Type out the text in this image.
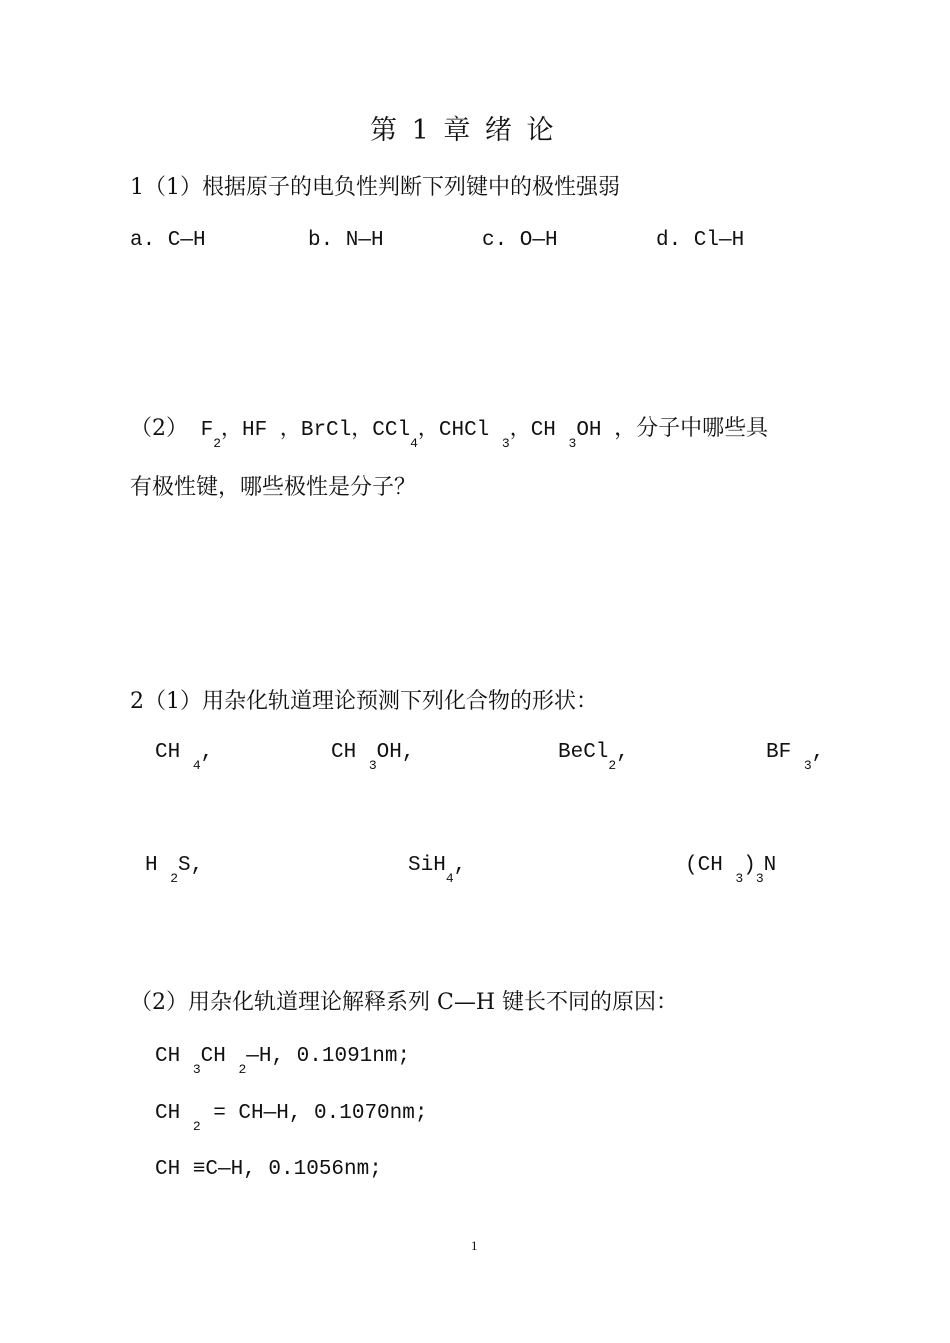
第 1 章 绪 论
1（1）根据原子的电负性判断下列键中的极性强弱
a. C—H	b. N—H	c. O—H	d. Cl—H
（2） $F_2$，HF ，BrCl，CCl$_4$，CHCl $_3$，CH $_3$OH ，分子中哪些具
有极性键，哪些极性是分子？
2（1）用杂化轨道理论预测下列化合物的形状：
CH $_4$,	CH $_3$OH,	BeCl$_2$,	BF $_3$,
H $_2$S,	SiH$_4$,	(CH $_3)_3N$
（2）用杂化轨道理论解释系列 C—H 键长不同的原因：
CH $_3$CH $_2$—H, 0.1091nm;
CH $_2$ = CH—H, 0.1070nm;
CH ≡C—H, 0.1056nm;
1
